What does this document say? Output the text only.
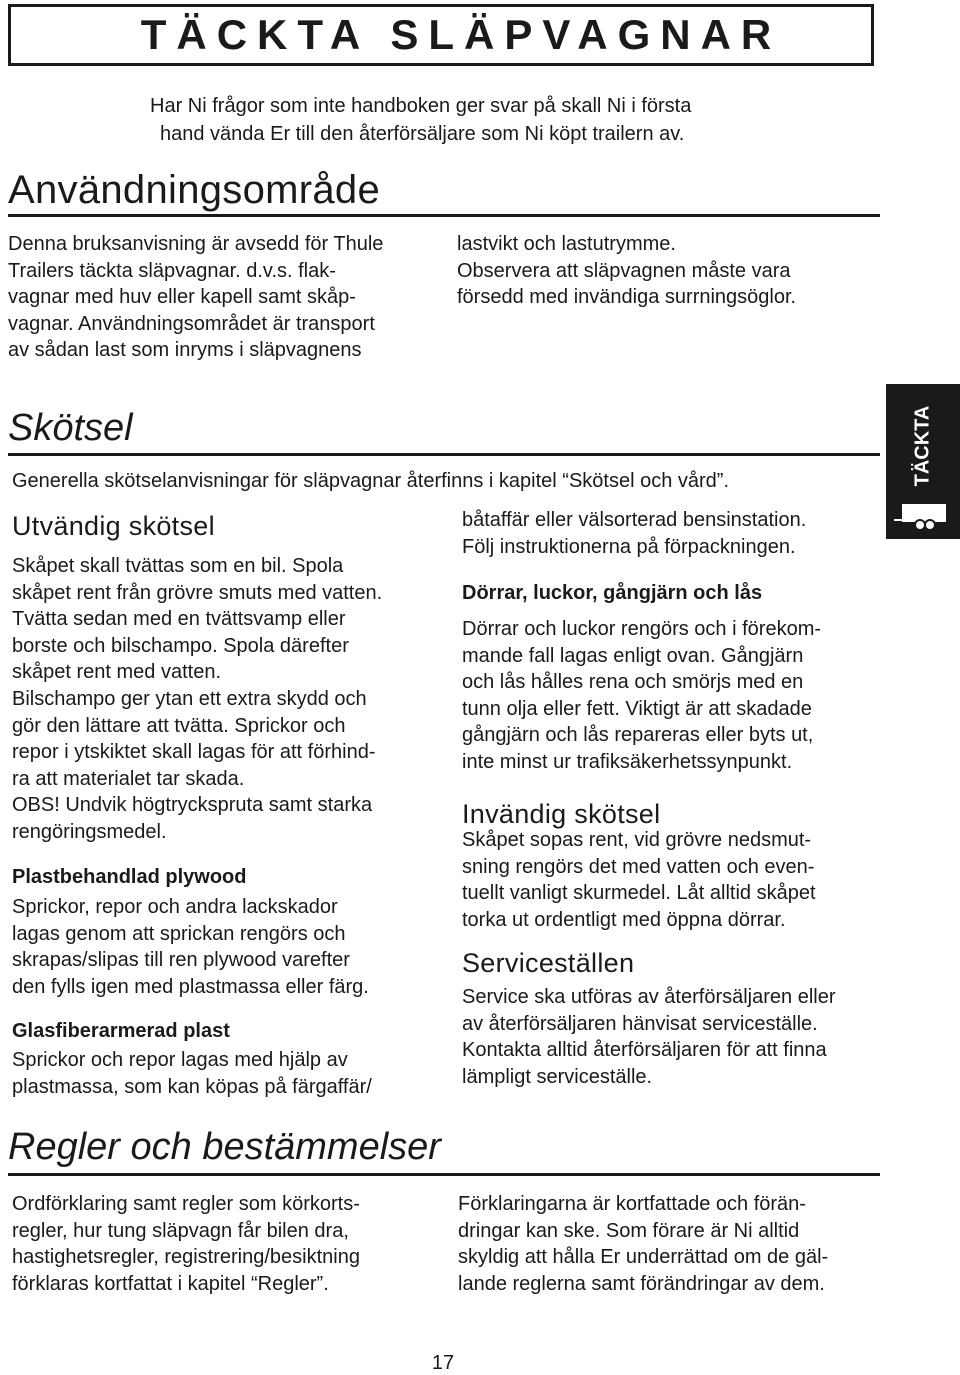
TÄCKTA SLÄPVAGNAR

Har Ni frågor som inte handboken ger svar på skall Ni i första

hand vända Er till den återförsäljare som Ni köpt trailern av.

Användningsområde

Denna bruksanvisning är avsedd för Thule

Trailers täckta släpvagnar. d.v.s. flak-

vagnar med huv eller kapell samt skåp-

vagnar. Användningsområdet är transport

av sådan last som inryms i släpvagnens

lastvikt och lastutrymme.

Observera att släpvagnen måste vara

försedd med invändiga surrningsöglor.

TÄCKTA
Skötsel
Generella skötselanvisningar för släpvagnar återfinns i kapitel “Skötsel och vård”.
Utvändig skötsel

Skåpet skall tvättas som en bil. Spola

skåpet rent från grövre smuts med vatten.

Tvätta sedan med en tvättsvamp eller

borste och bilschampo. Spola därefter

skåpet rent med vatten.

Bilschampo ger ytan ett extra skydd och

gör den lättare att tvätta. Sprickor och

repor i ytskiktet skall lagas för att förhind-

ra att materialet tar skada.

OBS! Undvik högtryckspruta samt starka

rengöringsmedel.

Plastbehandlad plywood

Sprickor, repor och andra lackskador

lagas genom att sprickan rengörs och

skrapas/slipas till ren plywood varefter

den fylls igen med plastmassa eller färg.

Glasfiberarmerad plast

Sprickor och repor lagas med hjälp av

plastmassa, som kan köpas på färgaffär/

båtaffär eller välsorterad bensinstation.

Följ instruktionerna på förpackningen.

Dörrar, luckor, gångjärn och lås

Dörrar och luckor rengörs och i förekom-

mande fall lagas enligt ovan. Gångjärn

och lås hålles rena och smörjs med en

tunn olja eller fett. Viktigt är att skadade

gångjärn och lås repareras eller byts ut,

inte minst ur trafiksäkerhetssynpunkt.

Invändig skötsel

Skåpet sopas rent, vid grövre nedsmut-

sning rengörs det med vatten och even-

tuellt vanligt skurmedel. Låt alltid skåpet

torka ut ordentligt med öppna dörrar.

Serviceställen

Service ska utföras av återförsäljaren eller

av återförsäljaren hänvisat serviceställe.

Kontakta alltid återförsäljaren för att finna

lämpligt serviceställe.

Regler och bestämmelser

Ordförklaring samt regler som körkorts-

regler, hur tung släpvagn får bilen dra,

hastighetsregler, registrering/besiktning

förklaras kortfattat i kapitel “Regler”.

Förklaringarna är kortfattade och förän-

dringar kan ske. Som förare är Ni alltid

skyldig att hålla Er underrättad om de gäl-

lande reglerna samt förändringar av dem.

17
